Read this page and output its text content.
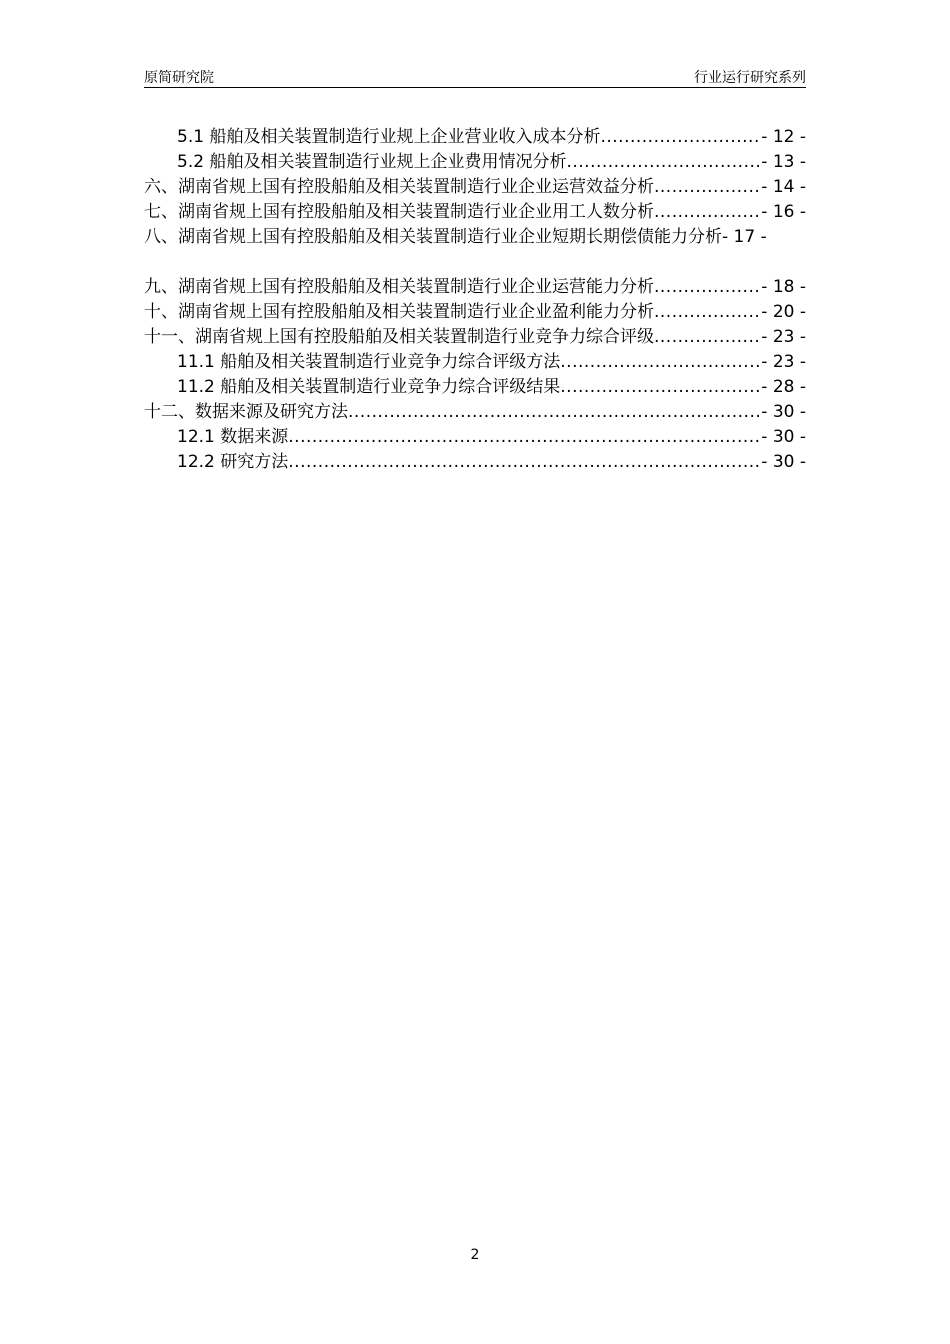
原简研究院	行业运行研究系列
5.1 船舶及相关装置制造行业规上企业营业收入成本分析 .....	- 12 -
5.2 船舶及相关装置制造行业规上企业费用情况分析 .....	- 13 -
六、湖南省规上国有控股船舶及相关装置制造行业企业运营效益分析 .....	- 14 -
七、湖南省规上国有控股船舶及相关装置制造行业企业用工人数分析 .....	- 16 -
八、湖南省规上国有控股船舶及相关装置制造行业企业短期长期偿债能力分析- 17 -
九、湖南省规上国有控股船舶及相关装置制造行业企业运营能力分析 .....	- 18 -
十、湖南省规上国有控股船舶及相关装置制造行业企业盈利能力分析 .....	- 20 -
十一、湖南省规上国有控股船舶及相关装置制造行业竞争力综合评级 .....	- 23 -
11.1 船舶及相关装置制造行业竞争力综合评级方法 .....	- 23 -
11.2 船舶及相关装置制造行业竞争力综合评级结果 .....	- 28 -
十二、数据来源及研究方法 .....	- 30 -
12.1 数据来源 .....	- 30 -
12.2 研究方法 .....	- 30 -
2
